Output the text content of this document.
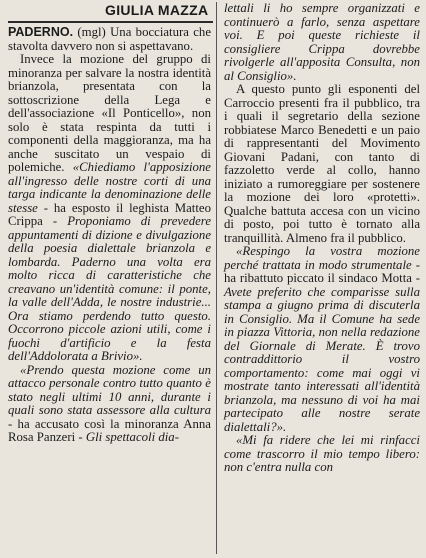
GIULIA MAZZA

PADERNO. (mgl) Una bocciatura che stavolta davvero non si aspettavano.

Invece la mozione del gruppo di minoranza per salvare la nostra identità brianzola, presentata con la sottoscrizione della Lega e dell'associazione «Il Ponticello», non solo è stata respinta da tutti i componenti della maggioranza, ma ha anche suscitato un vespaio di polemiche. «Chiediamo l'apposizione all'ingresso delle nostre corti di una targa indicante la denominazione delle stesse - ha esposto il leghista Matteo Crippa - Proponiamo di prevedere appuntamenti di dizione e divulgazione della poesia dialettale brianzola e lombarda. Paderno una volta era molto ricca di caratteristiche che creavano un'identità comune: il ponte, la valle dell'Adda, le nostre industrie... Ora stiamo perdendo tutto questo. Occorrono piccole azioni utili, come i fuochi d'artificio e la festa dell'Addolorata a Brivio».

«Prendo questa mozione come un attacco personale contro tutto quanto è stato negli ultimi 10 anni, durante i quali sono stata assessore alla cultura - ha accusato così la minoranza Anna Rosa Panzeri - Gli spettacoli dia-

lettali li ho sempre organizzati e continuerò a farlo, senza aspettare voi. E poi queste richieste il consigliere Crippa dovrebbe rivolgerle all'apposita Consulta, non al Consiglio».

A questo punto gli esponenti del Carroccio presenti fra il pubblico, tra i quali il segretario della sezione robbiatese Marco Benedetti e un paio di rappresentanti del Movimento Giovani Padani, con tanto di fazzoletto verde al collo, hanno iniziato a rumoreggiare per sostenere la mozione dei loro «protetti». Qualche battuta accesa con un vicino di posto, poi tutto è tornato alla tranquillità. Almeno fra il pubblico.

«Respingo la vostra mozione perché trattata in modo strumentale - ha ribattuto piccato il sindaco Motta - Avete preferito che comparisse sulla stampa a giugno prima di discuterla in Consiglio. Ma il Comune ha sede in piazza Vittoria, non nella redazione del Giornale di Merate. È trovo contraddittorio il vostro comportamento: come mai oggi vi mostrate tanto interessati all'identità brianzola, ma nessuno di voi ha mai partecipato alle nostre serate dialettali?».

«Mi fa ridere che lei mi rinfacci come trascorro il mio tempo libero: non c'entra nulla con
